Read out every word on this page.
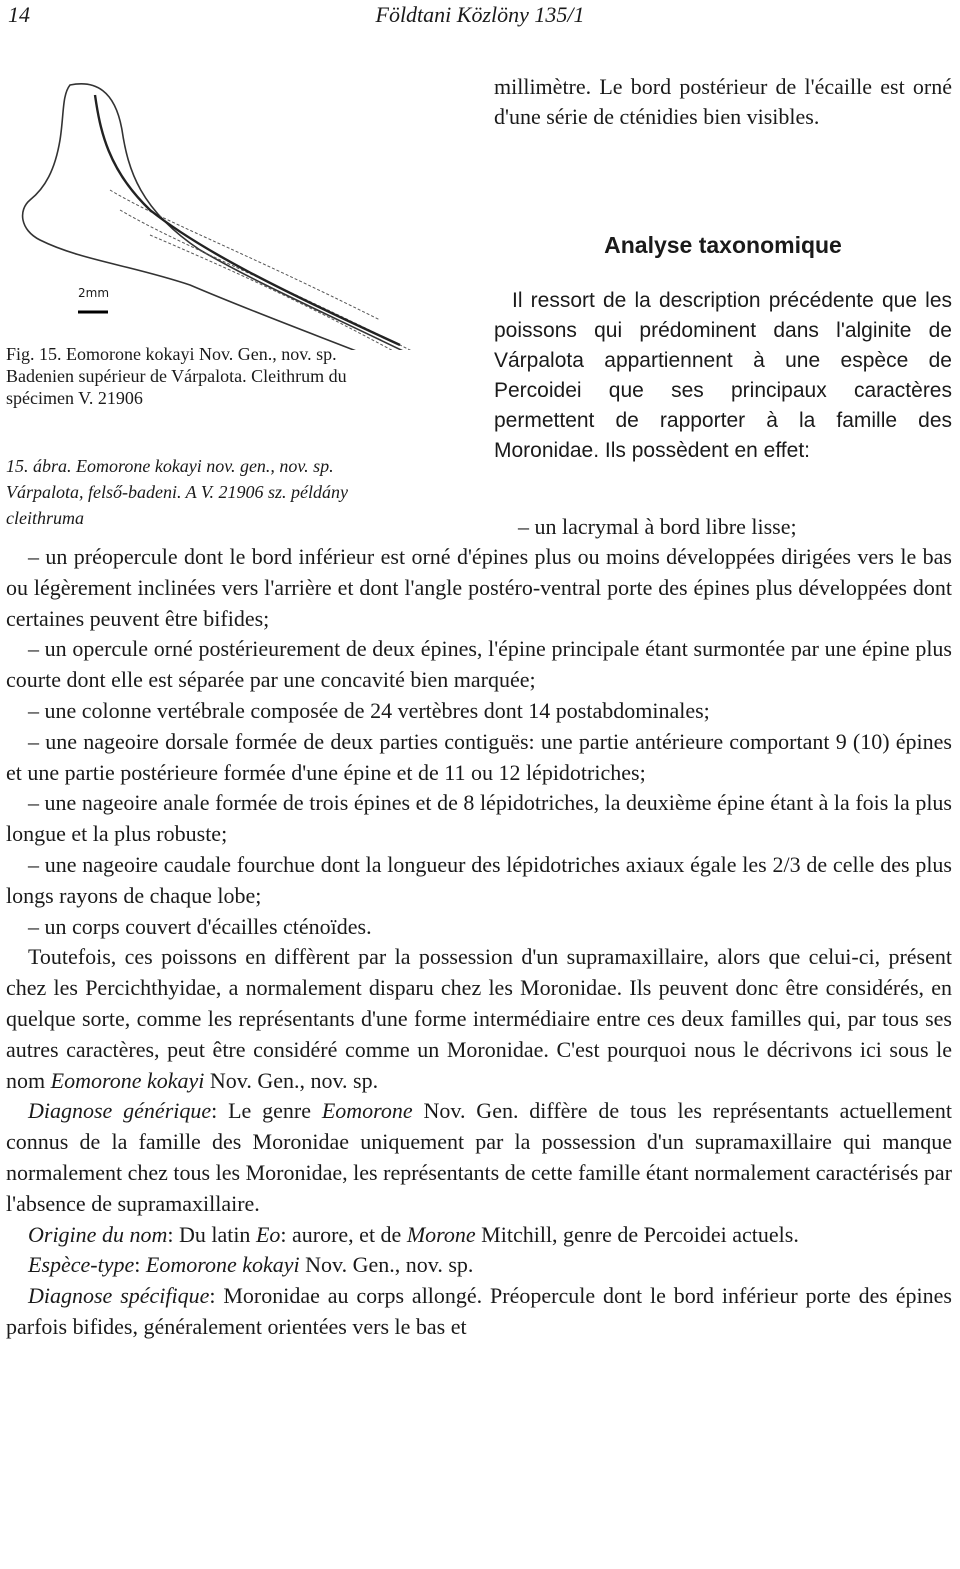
14	Földtani Közlöny 135/1
2mm
Fig. 15. Eomorone kokayi Nov. Gen., nov. sp.
Badenien supérieur de Várpalota. Cleithrum du
spécimen V. 21906
15. ábra. Eomorone kokayi nov. gen., nov. sp.
Várpalota, felső-badeni. A V. 21906 sz. példány
cleithruma
millimètre. Le bord postérieur de l'écaille est orné d'une série de cténidies bien visibles.
Analyse taxonomique
Il ressort de la description précédente que les poissons qui prédominent dans l'alginite de Várpalota appartiennent à une espèce de Percoidei que ses principaux caractères permettent de rapporter à la famille des Moronidae. Ils possèdent en effet:
– un lacrymal à bord libre lisse;

– un préopercule dont le bord inférieur est orné d'épines plus ou moins développées dirigées vers le bas ou légèrement inclinées vers l'arrière et dont l'angle postéro-ventral porte des épines plus développées dont certaines peuvent être bifides;

– un opercule orné postérieurement de deux épines, l'épine principale étant surmontée par une épine plus courte dont elle est séparée par une concavité bien marquée;

– une colonne vertébrale composée de 24 vertèbres dont 14 postabdominales;

– une nageoire dorsale formée de deux parties contiguës: une partie antérieure comportant 9 (10) épines et une partie postérieure formée d'une épine et de 11 ou 12 lépidotriches;

– une nageoire anale formée de trois épines et de 8 lépidotriches, la deuxième épine étant à la fois la plus longue et la plus robuste;

– une nageoire caudale fourchue dont la longueur des lépidotriches axiaux égale les 2/3 de celle des plus longs rayons de chaque lobe;

– un corps couvert d'écailles cténoïdes.

Toutefois, ces poissons en diffèrent par la possession d'un supramaxillaire, alors que celui-ci, présent chez les Percichthyidae, a normalement disparu chez les Moronidae. Ils peuvent donc être considérés, en quelque sorte, comme les représentants d'une forme intermédiaire entre ces deux familles qui, par tous ses autres caractères, peut être considéré comme un Moronidae. C'est pourquoi nous le décrivons ici sous le nom Eomorone kokayi Nov. Gen., nov. sp.

Diagnose générique: Le genre Eomorone Nov. Gen. diffère de tous les représentants actuellement connus de la famille des Moronidae uniquement par la possession d'un supramaxillaire qui manque normalement chez tous les Moronidae, les représentants de cette famille étant normalement caractérisés par l'absence de supramaxillaire.

Origine du nom: Du latin Eo: aurore, et de Morone Mitchill, genre de Percoidei actuels.

Espèce-type: Eomorone kokayi Nov. Gen., nov. sp.

Diagnose spécifique: Moronidae au corps allongé. Préopercule dont le bord inférieur porte des épines parfois bifides, généralement orientées vers le bas et
